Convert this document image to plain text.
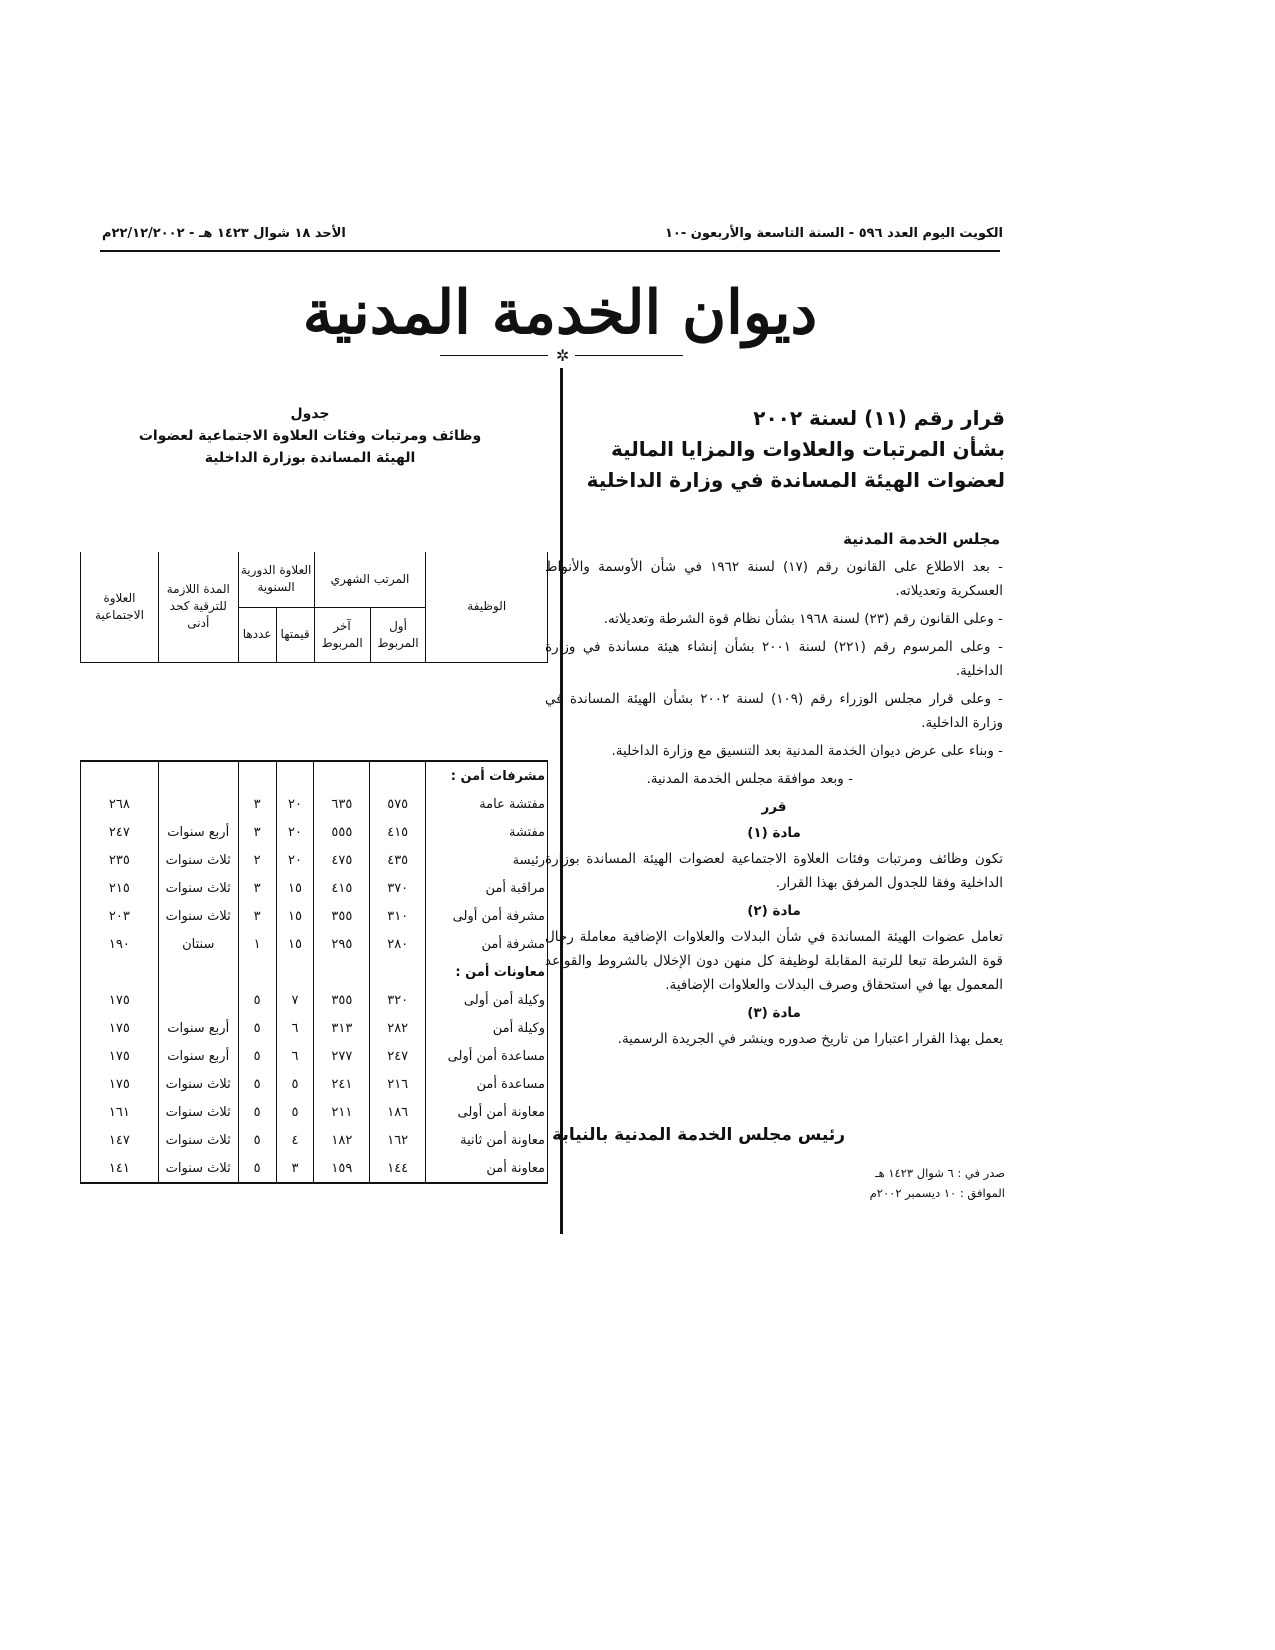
الكويت اليوم العدد ٥٩٦ - السنة التاسعة والأربعون -١٠
الأحد ١٨ شوال ١٤٢٣ هـ - ٢٢/١٢/٢٠٠٢م
ديوان الخدمة المدنية
✲
قرار رقم (١١) لسنة ٢٠٠٢
بشأن المرتبات والعلاوات والمزايا المالية
لعضوات الهيئة المساندة في وزارة الداخلية
مجلس الخدمة المدنية

- بعد الاطلاع على القانون رقم (١٧) لسنة ١٩٦٢ في شأن الأوسمة والأنواط العسكرية وتعديلاته.

- وعلى القانون رقم (٢٣) لسنة ١٩٦٨ بشأن نظام قوة الشرطة وتعديلاته.

- وعلى المرسوم رقم (٢٢١) لسنة ٢٠٠١ بشأن إنشاء هيئة مساندة في وزارة الداخلية.

- وعلى قرار مجلس الوزراء رقم (١٠٩) لسنة ٢٠٠٢ بشأن الهيئة المساندة في وزارة الداخلية.

- وبناء على عرض ديوان الخدمة المدنية بعد التنسيق مع وزارة الداخلية.

- وبعد موافقة مجلس الخدمة المدنية.

قرر

مادة (١)

تكون وظائف ومرتبات وفئات العلاوة الاجتماعية لعضوات الهيئة المساندة بوزارة الداخلية وفقا للجدول المرفق بهذا القرار.

مادة (٢)

تعامل عضوات الهيئة المساندة في شأن البدلات والعلاوات الإضافية معاملة رجال قوة الشرطة تبعا للرتبة المقابلة لوظيفة كل منهن دون الإخلال بالشروط والقواعد المعمول بها في استحقاق وصرف البدلات والعلاوات الإضافية.

مادة (٣)

يعمل بهذا القرار اعتبارا من تاريخ صدوره وينشر في الجريدة الرسمية.

رئيس مجلس الخدمة المدنية بالنيابة
صدر في : ٦ شوال ١٤٢٣ هـ
الموافق : ١٠ ديسمبر ٢٠٠٢م
جدول
وظائف ومرتبات وفئات العلاوة الاجتماعية لعضوات
الهيئة المساندة بوزارة الداخلية
الوظيفة	المرتب الشهري		العلاوة الدورية السنوية		المدة اللازمة للترقية كحد أدنى	العلاوة الاجتماعية
	أول المربوط	آخر المربوط	قيمتها	عددها		
مشرفات أمن :						
مفتشة عامة	٥٧٥	٦٣٥	٢٠	٣		٢٦٨
مفتشة	٤١٥	٥٥٥	٢٠	٣	أربع سنوات	٢٤٧
رئيسة	٤٣٥	٤٧٥	٢٠	٢	ثلاث سنوات	٢٣٥
مراقبة أمن	٣٧٠	٤١٥	١٥	٣	ثلاث سنوات	٢١٥
مشرفة أمن أولى	٣١٠	٣٥٥	١٥	٣	ثلاث سنوات	٢٠٣
مشرفة أمن	٢٨٠	٢٩٥	١٥	١	سنتان	١٩٠
معاونات أمن :						
وكيلة أمن أولى	٣٢٠	٣٥٥	٧	٥		١٧٥
وكيلة أمن	٢٨٢	٣١٣	٦	٥	أربع سنوات	١٧٥
مساعدة أمن أولى	٢٤٧	٢٧٧	٦	٥	أربع سنوات	١٧٥
مساعدة أمن	٢١٦	٢٤١	٥	٥	ثلاث سنوات	١٧٥
معاونة أمن أولى	١٨٦	٢١١	٥	٥	ثلاث سنوات	١٦١
معاونة أمن ثانية	١٦٢	١٨٢	٤	٥	ثلاث سنوات	١٤٧
معاونة أمن	١٤٤	١٥٩	٣	٥	ثلاث سنوات	١٤١
